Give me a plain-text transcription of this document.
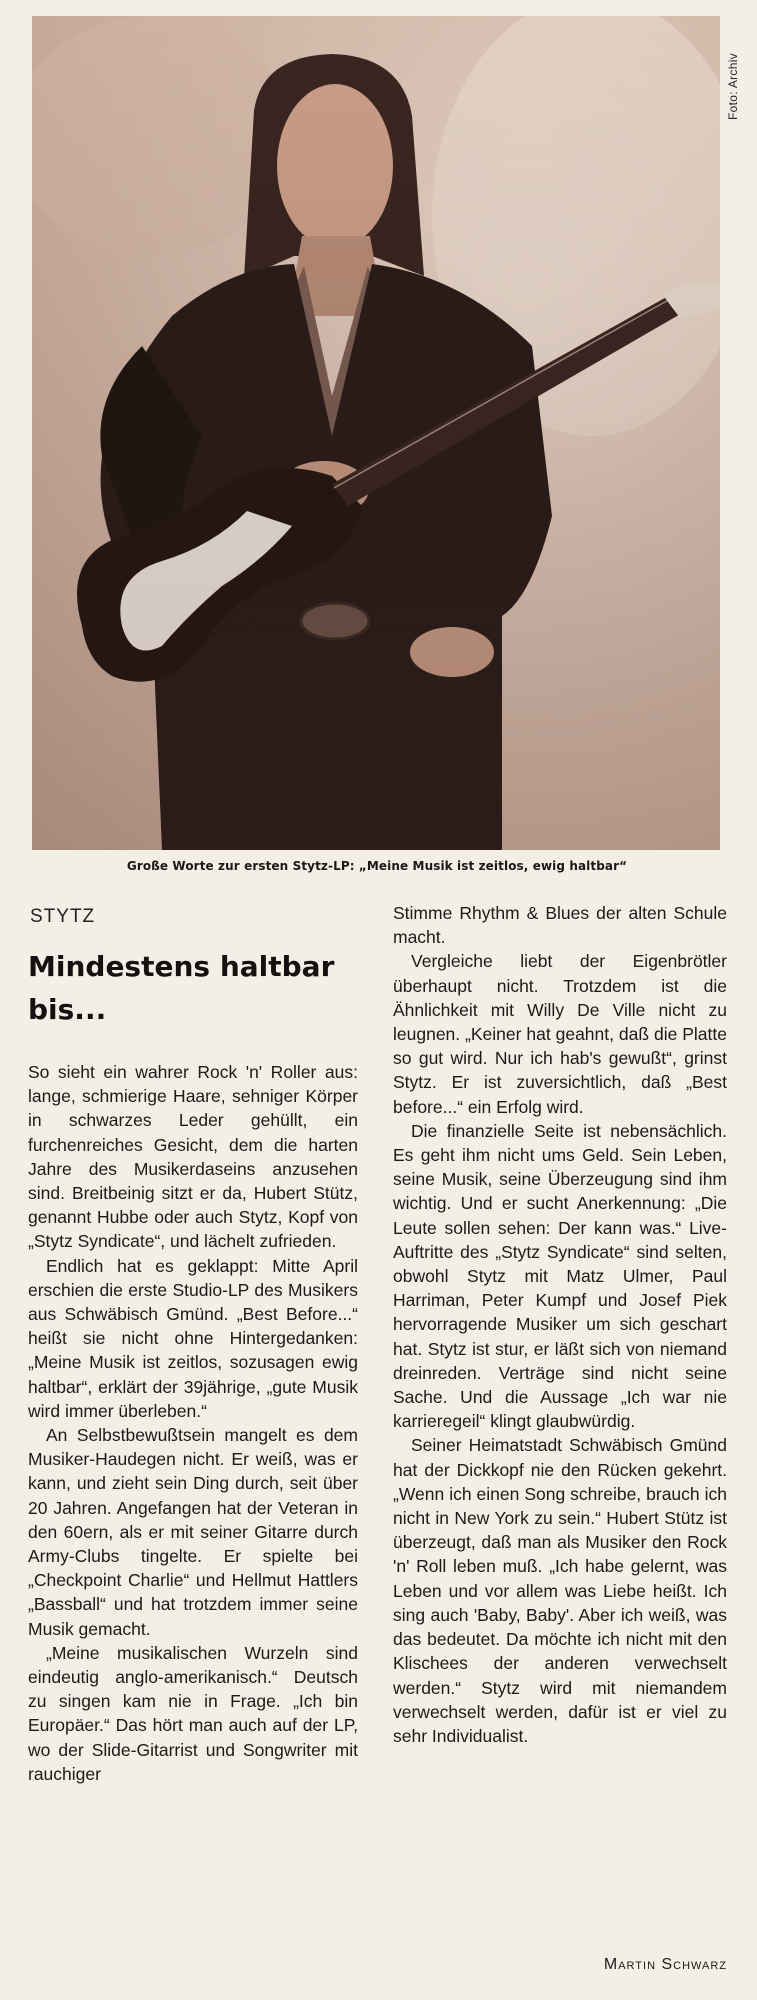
Foto: Archiv
Große Worte zur ersten Stytz-LP: „Meine Musik ist zeitlos, ewig haltbar“
STYTZ
Mindestens haltbar bis...

So sieht ein wahrer Rock 'n' Roller aus: lange, schmierige Haare, sehniger Körper in schwarzes Leder gehüllt, ein furchenreiches Gesicht, dem die harten Jahre des Musikerdaseins anzusehen sind. Breitbeinig sitzt er da, Hubert Stütz, genannt Hubbe oder auch Stytz, Kopf von „Stytz Syndicate“, und lächelt zufrieden.

Endlich hat es geklappt: Mitte April erschien die erste Studio-LP des Musikers aus Schwäbisch Gmünd. „Best Before...“ heißt sie nicht ohne Hintergedanken: „Meine Musik ist zeitlos, sozusagen ewig haltbar“, erklärt der 39jährige, „gute Musik wird immer überleben.“

An Selbstbewußtsein mangelt es dem Musiker-Haudegen nicht. Er weiß, was er kann, und zieht sein Ding durch, seit über 20 Jahren. Angefangen hat der Veteran in den 60ern, als er mit seiner Gitarre durch Army-Clubs tingelte. Er spielte bei „Checkpoint Charlie“ und Hellmut Hattlers „Bassball“ und hat trotzdem immer seine Musik gemacht.

„Meine musikalischen Wurzeln sind eindeutig anglo-amerikanisch.“ Deutsch zu singen kam nie in Frage. „Ich bin Europäer.“ Das hört man auch auf der LP, wo der Slide-Gitarrist und Songwriter mit rauchiger

Stimme Rhythm & Blues der alten Schule macht.

Vergleiche liebt der Eigenbrötler überhaupt nicht. Trotzdem ist die Ähnlichkeit mit Willy De Ville nicht zu leugnen. „Keiner hat geahnt, daß die Platte so gut wird. Nur ich hab's gewußt“, grinst Stytz. Er ist zuversichtlich, daß „Best before...“ ein Erfolg wird.

Die finanzielle Seite ist nebensächlich. Es geht ihm nicht ums Geld. Sein Leben, seine Musik, seine Überzeugung sind ihm wichtig. Und er sucht Anerkennung: „Die Leute sollen sehen: Der kann was.“ Live-Auftritte des „Stytz Syndicate“ sind selten, obwohl Stytz mit Matz Ulmer, Paul Harriman, Peter Kumpf und Josef Piek hervorragende Musiker um sich geschart hat. Stytz ist stur, er läßt sich von niemand dreinreden. Verträge sind nicht seine Sache. Und die Aussage „Ich war nie karrieregeil“ klingt glaubwürdig.

Seiner Heimatstadt Schwäbisch Gmünd hat der Dickkopf nie den Rücken gekehrt. „Wenn ich einen Song schreibe, brauch ich nicht in New York zu sein.“ Hubert Stütz ist überzeugt, daß man als Musiker den Rock 'n' Roll leben muß. „Ich habe gelernt, was Leben und vor allem was Liebe heißt. Ich sing auch 'Baby, Baby'. Aber ich weiß, was das bedeutet. Da möchte ich nicht mit den Klischees der anderen verwechselt werden.“ Stytz wird mit niemandem verwechselt werden, dafür ist er viel zu sehr Individualist.

Martin Schwarz
